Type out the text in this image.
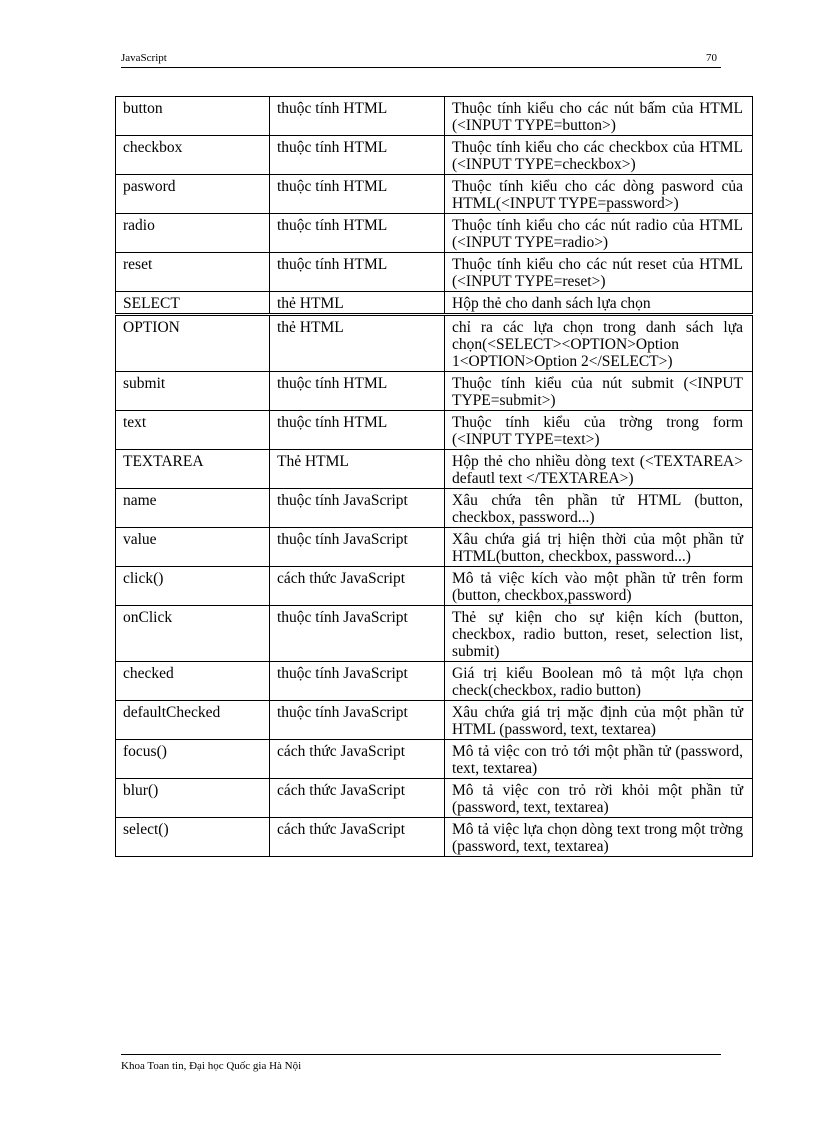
JavaScript	70
button	thuộc tính HTML	Thuộc tính kiểu cho các nút bấm của HTML (<INPUT TYPE=button>)
checkbox	thuộc tính HTML	Thuộc tính kiểu cho các checkbox của HTML (<INPUT TYPE=checkbox>)
pasword	thuộc tính HTML	Thuộc tính kiểu cho các dòng pasword của HTML(<INPUT TYPE=password>)
radio	thuộc tính HTML	Thuộc tính kiểu cho các nút radio của HTML (<INPUT TYPE=radio>)
reset	thuộc tính HTML	Thuộc tính kiểu cho các nút reset của HTML (<INPUT TYPE=reset>)
SELECT	thẻ HTML	Hộp thẻ cho danh sách lựa chọn
OPTION	thẻ HTML	chỉ ra các lựa chọn trong danh sách lựa chọn(<SELECT><OPTION>Option 1<OPTION>Option 2</SELECT>)
submit	thuộc tính HTML	Thuộc tính kiểu của nút submit (<INPUT TYPE=submit>)
text	thuộc tính HTML	Thuộc tính kiểu của trờng trong form (<INPUT TYPE=text>)
TEXTAREA	Thẻ HTML	Hộp thẻ cho nhiều dòng text (<TEXTAREA> defautl text </TEXTAREA>)
name	thuộc tính JavaScript	Xâu chứa tên phần tử HTML (button, checkbox, password...)
value	thuộc tính JavaScript	Xâu chứa giá trị hiện thời của một phần tử HTML(button, checkbox, password...)
click()	cách thức JavaScript	Mô tả việc kích vào một phần tử trên form (button, checkbox,password)
onClick	thuộc tính JavaScript	Thẻ sự kiện cho sự kiện kích (button, checkbox, radio button, reset, selection list, submit)
checked	thuộc tính JavaScript	Giá trị kiểu Boolean mô tả một lựa chọn check(checkbox, radio button)
defaultChecked	thuộc tính JavaScript	Xâu chứa giá trị mặc định của một phần tử HTML (password, text, textarea)
focus()	cách thức JavaScript	Mô tả việc con trỏ tới một phần tử (password, text, textarea)
blur()	cách thức JavaScript	Mô tả việc con trỏ rời khỏi một phần tử (password, text, textarea)
select()	cách thức JavaScript	Mô tả việc lựa chọn dòng text trong một trờng (password, text, textarea)
Khoa Toan tin, Đại học Quốc gia Hà Nội
